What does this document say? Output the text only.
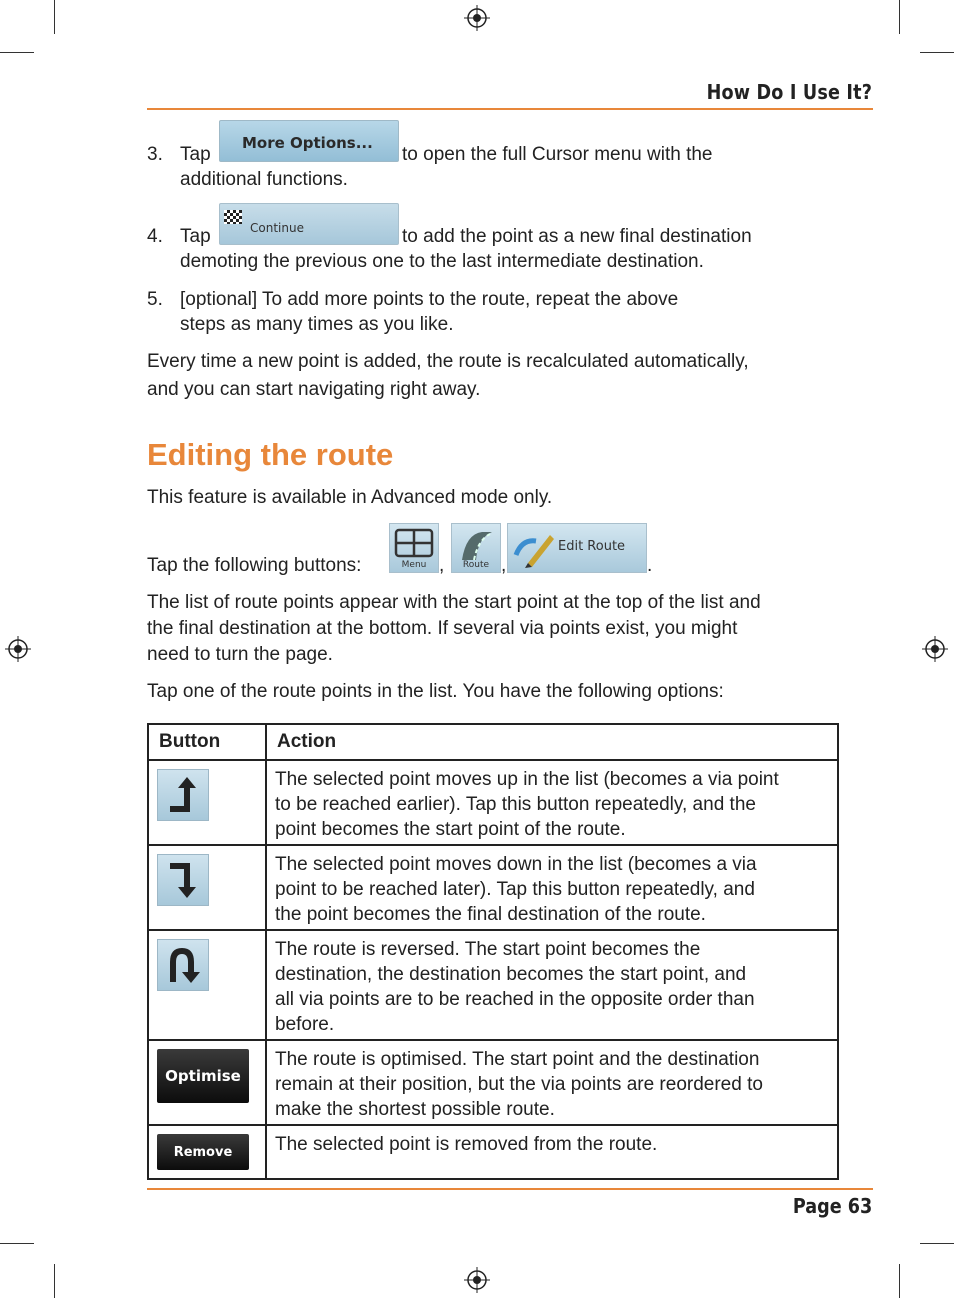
How Do I Use It?
3. Tap
More Options...
to open the full Cursor menu with the
additional functions.
4. Tap	Continue	to add the point as a new final destination
demoting the previous one to the last intermediate destination.
5. [optional] To add more points to the route, repeat the above
steps as many times as you like.
Every time a new point is added, the route is recalculated automatically,
and you can start navigating right away.
Editing the route
This feature is available in Advanced mode only.
Tap the following buttons:	Menu ,	Route ,
Edit Route
.
The list of route points appear with the start point at the top of the list and
the final destination at the bottom. If several via points exist, you might
need to turn the page.
Tap one of the route points in the list. You have the following options:
Button	Action

The selected point moves up in the list (becomes a via point
to be reached earlier). Tap this button repeatedly, and the
point becomes the start point of the route.

The selected point moves down in the list (becomes a via
point to be reached later). Tap this button repeatedly, and
the point becomes the final destination of the route.

The route is reversed. The start point becomes the
destination, the destination becomes the start point, and
all via points are to be reached in the opposite order than
before.

Optimise	The route is optimised. The start point and the destination
remain at their position, but the via points are reordered to
make the shortest possible route.

Remove	The selected point is removed from the route.
Page 63
